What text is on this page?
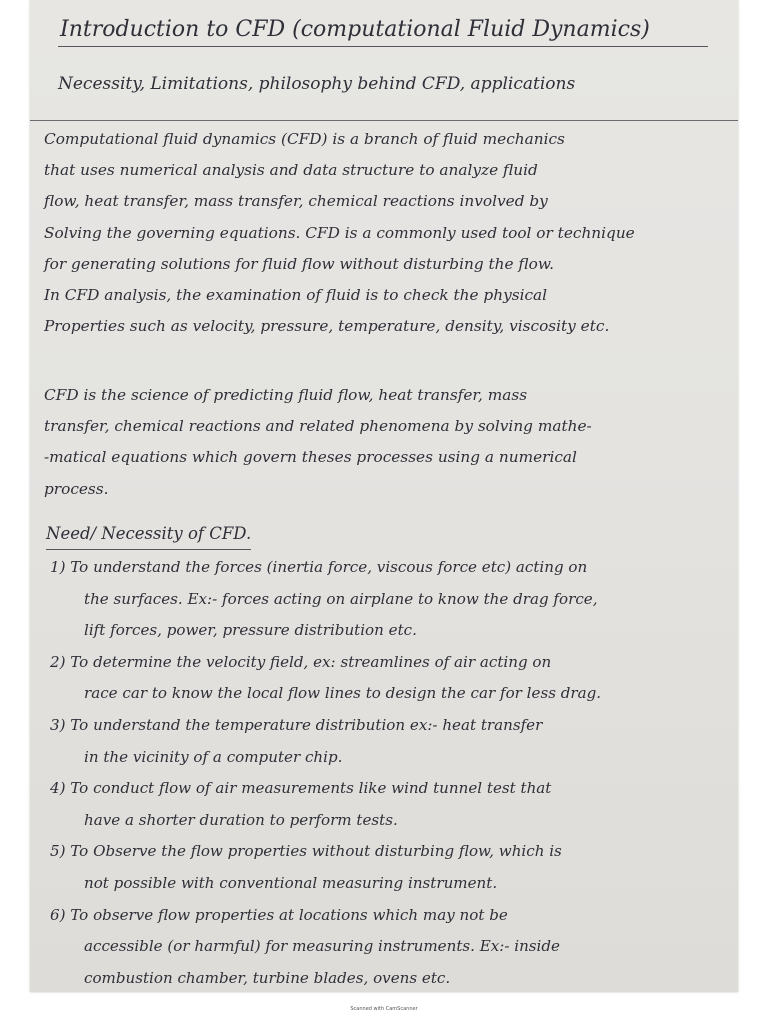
Introduction to CFD (computational Fluid Dynamics)
Necessity, Limitations, philosophy behind CFD, applications

Computational fluid dynamics (CFD) is a branch of fluid mechanics

that uses numerical analysis and data structure to analyze fluid

flow, heat transfer, mass transfer, chemical reactions involved by

Solving the governing equations. CFD is a commonly used tool or technique

for generating solutions for fluid flow without disturbing the flow.

In CFD analysis, the examination of fluid is to check the physical

Properties such as velocity, pressure, temperature, density, viscosity etc.

CFD is the science of predicting fluid flow, heat transfer, mass

transfer, chemical reactions and related phenomena by solving mathe-

-matical equations which govern theses processes using a numerical

process.

Need/ Necessity of CFD.
1) To understand the forces (inertia force, viscous force etc) acting on
the surfaces. Ex:- forces acting on airplane to know the drag force,
lift forces, power, pressure distribution etc.
2) To determine the velocity field, ex: streamlines of air acting on
race car to know the local flow lines to design the car for less drag.
3) To understand the temperature distribution ex:- heat transfer
in the vicinity of a computer chip.
4) To conduct flow of air measurements like wind tunnel test that
have a shorter duration to perform tests.
5) To Observe the flow properties without disturbing flow, which is
not possible with conventional measuring instrument.
6) To observe flow properties at locations which may not be
accessible (or harmful) for measuring instruments. Ex:- inside
combustion chamber, turbine blades, ovens etc.
Scanned with CamScanner
